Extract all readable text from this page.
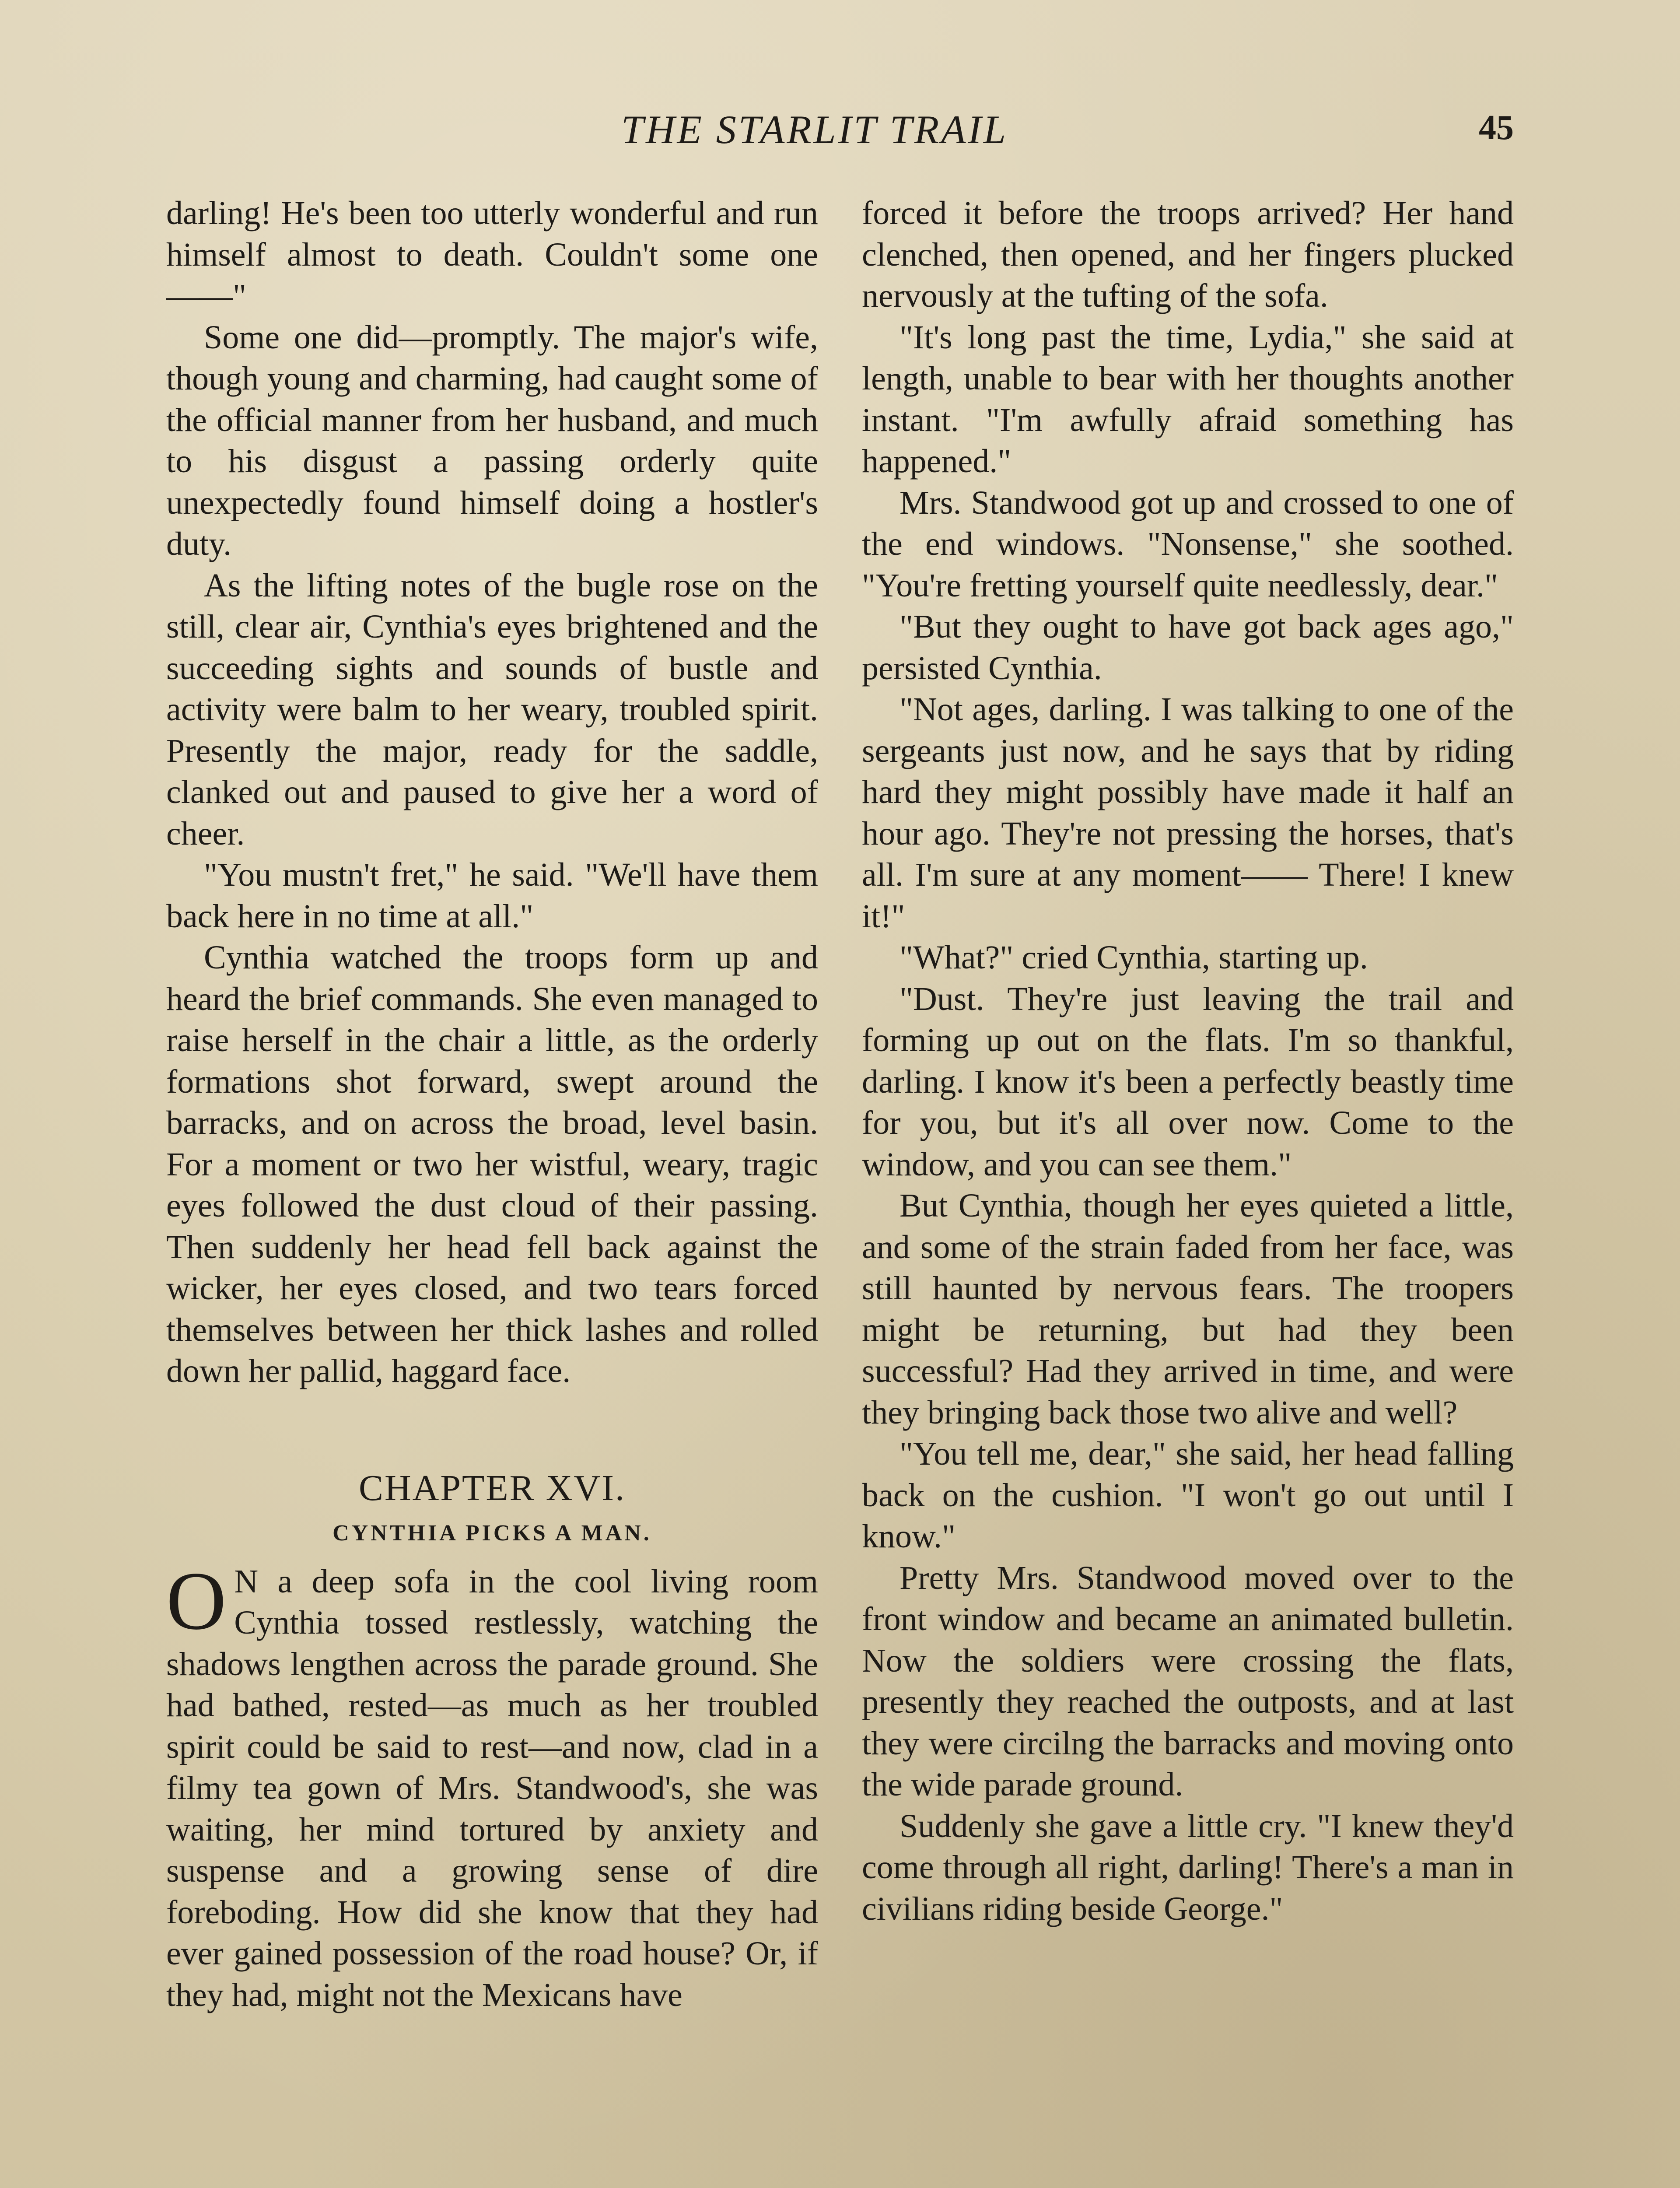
THE STARLIT TRAIL	45

darling! He's been too utterly wonderful and run himself almost to death. Couldn't some one——"

Some one did—promptly. The major's wife, though young and charming, had caught some of the official manner from her husband, and much to his disgust a passing orderly quite unexpectedly found himself doing a hostler's duty.

As the lifting notes of the bugle rose on the still, clear air, Cynthia's eyes brightened and the succeeding sights and sounds of bustle and activity were balm to her weary, troubled spirit. Presently the major, ready for the saddle, clanked out and paused to give her a word of cheer.

"You mustn't fret," he said. "We'll have them back here in no time at all."

Cynthia watched the troops form up and heard the brief commands. She even managed to raise herself in the chair a little, as the orderly formations shot forward, swept around the barracks, and on across the broad, level basin. For a moment or two her wistful, weary, tragic eyes followed the dust cloud of their passing. Then suddenly her head fell back against the wicker, her eyes closed, and two tears forced themselves between her thick lashes and rolled down her pallid, haggard face.

CHAPTER XVI.
CYNTHIA PICKS A MAN.

O N a deep sofa in the cool living room Cynthia tossed restlessly, watching the shadows lengthen across the parade ground. She had bathed, rested—as much as her troubled spirit could be said to rest—and now, clad in a filmy tea gown of Mrs. Standwood's, she was waiting, her mind tortured by anxiety and suspense and a growing sense of dire foreboding. How did she know that they had ever gained possession of the road house? Or, if they had, might not the Mexicans have

forced it before the troops arrived? Her hand clenched, then opened, and her fingers plucked nervously at the tufting of the sofa.

"It's long past the time, Lydia," she said at length, unable to bear with her thoughts another instant. "I'm awfully afraid something has happened."

Mrs. Standwood got up and crossed to one of the end windows. "Nonsense," she soothed. "You're fretting yourself quite needlessly, dear."

"But they ought to have got back ages ago," persisted Cynthia.

"Not ages, darling. I was talking to one of the sergeants just now, and he says that by riding hard they might possibly have made it half an hour ago. They're not pressing the horses, that's all. I'm sure at any moment—— There! I knew it!"

"What?" cried Cynthia, starting up.

"Dust. They're just leaving the trail and forming up out on the flats. I'm so thankful, darling. I know it's been a perfectly beastly time for you, but it's all over now. Come to the window, and you can see them."

But Cynthia, though her eyes quieted a little, and some of the strain faded from her face, was still haunted by nervous fears. The troopers might be returning, but had they been successful? Had they arrived in time, and were they bringing back those two alive and well?

"You tell me, dear," she said, her head falling back on the cushion. "I won't go out until I know."

Pretty Mrs. Standwood moved over to the front window and became an animated bulletin. Now the soldiers were crossing the flats, presently they reached the outposts, and at last they were circilng the barracks and moving onto the wide parade ground.

Suddenly she gave a little cry. "I knew they'd come through all right, darling! There's a man in civilians riding beside George."
